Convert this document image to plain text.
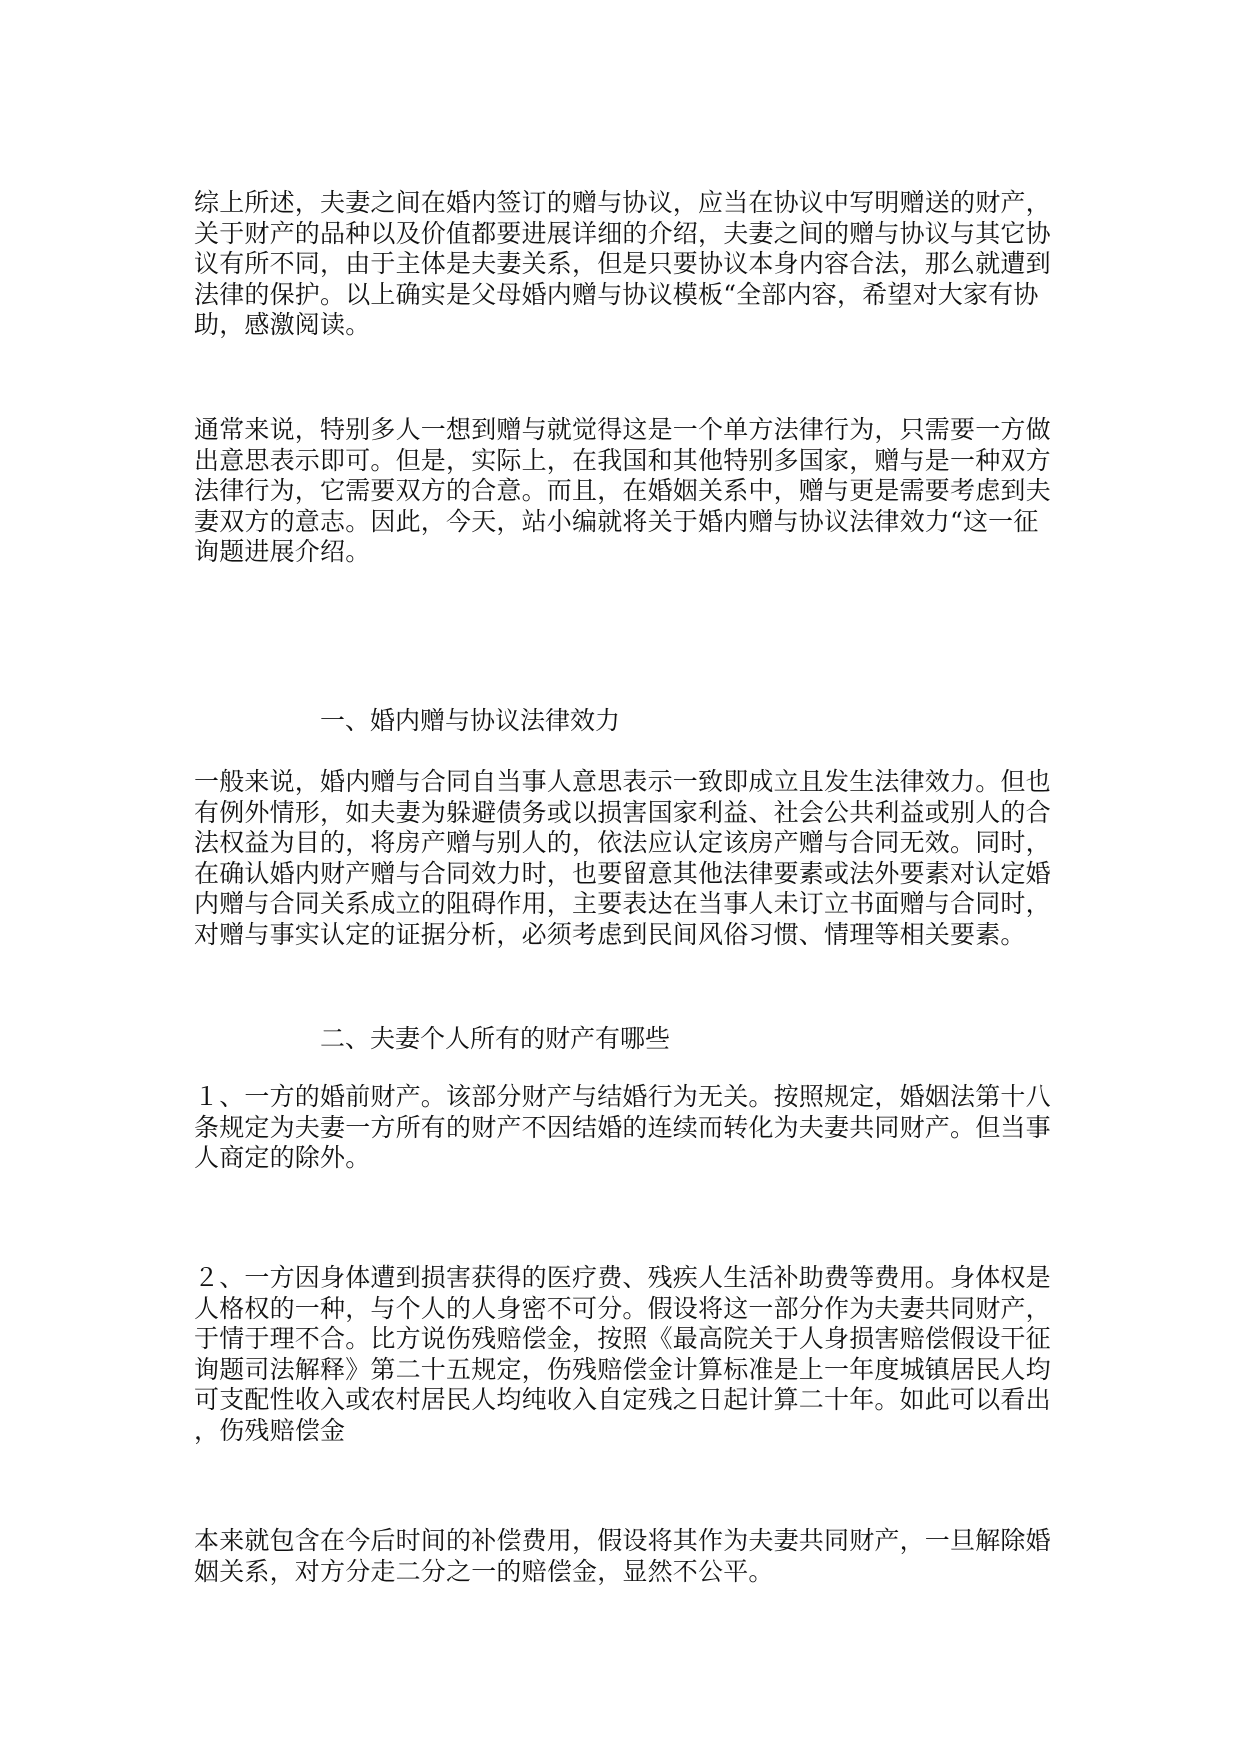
综上所述，夫妻之间在婚内签订的赠与协议，应当在协议中写明赠送的财产，
关于财产的品种以及价值都要进展详细的介绍，夫妻之间的赠与协议与其它协
议有所不同，由于主体是夫妻关系，但是只要协议本身内容合法，那么就遭到
法律的保护。以上确实是父母婚内赠与协议模板“全部内容，希望对大家有协
助，感激阅读。

通常来说，特别多人一想到赠与就觉得这是一个单方法律行为，只需要一方做
出意思表示即可。但是，实际上，在我国和其他特别多国家，赠与是一种双方
法律行为，它需要双方的合意。而且，在婚姻关系中，赠与更是需要考虑到夫
妻双方的意志。因此，今天，站小编就将关于婚内赠与协议法律效力“这一征
询题进展介绍。

一、婚内赠与协议法律效力

一般来说，婚内赠与合同自当事人意思表示一致即成立且发生法律效力。但也
有例外情形，如夫妻为躲避债务或以损害国家利益、社会公共利益或别人的合
法权益为目的，将房产赠与别人的，依法应认定该房产赠与合同无效。同时，
在确认婚内财产赠与合同效力时，也要留意其他法律要素或法外要素对认定婚
内赠与合同关系成立的阻碍作用，主要表达在当事人未订立书面赠与合同时，
对赠与事实认定的证据分析，必须考虑到民间风俗习惯、情理等相关要素。

二、夫妻个人所有的财产有哪些

１、一方的婚前财产。该部分财产与结婚行为无关。按照规定，婚姻法第十八
条规定为夫妻一方所有的财产不因结婚的连续而转化为夫妻共同财产。但当事
人商定的除外。

２、一方因身体遭到损害获得的医疗费、残疾人生活补助费等费用。身体权是
人格权的一种，与个人的人身密不可分。假设将这一部分作为夫妻共同财产，
于情于理不合。比方说伤残赔偿金，按照《最高院关于人身损害赔偿假设干征
询题司法解释》第二十五规定，伤残赔偿金计算标准是上一年度城镇居民人均
可支配性收入或农村居民人均纯收入自定残之日起计算二十年。如此可以看出
，伤残赔偿金

本来就包含在今后时间的补偿费用，假设将其作为夫妻共同财产，一旦解除婚
姻关系，对方分走二分之一的赔偿金，显然不公平。
